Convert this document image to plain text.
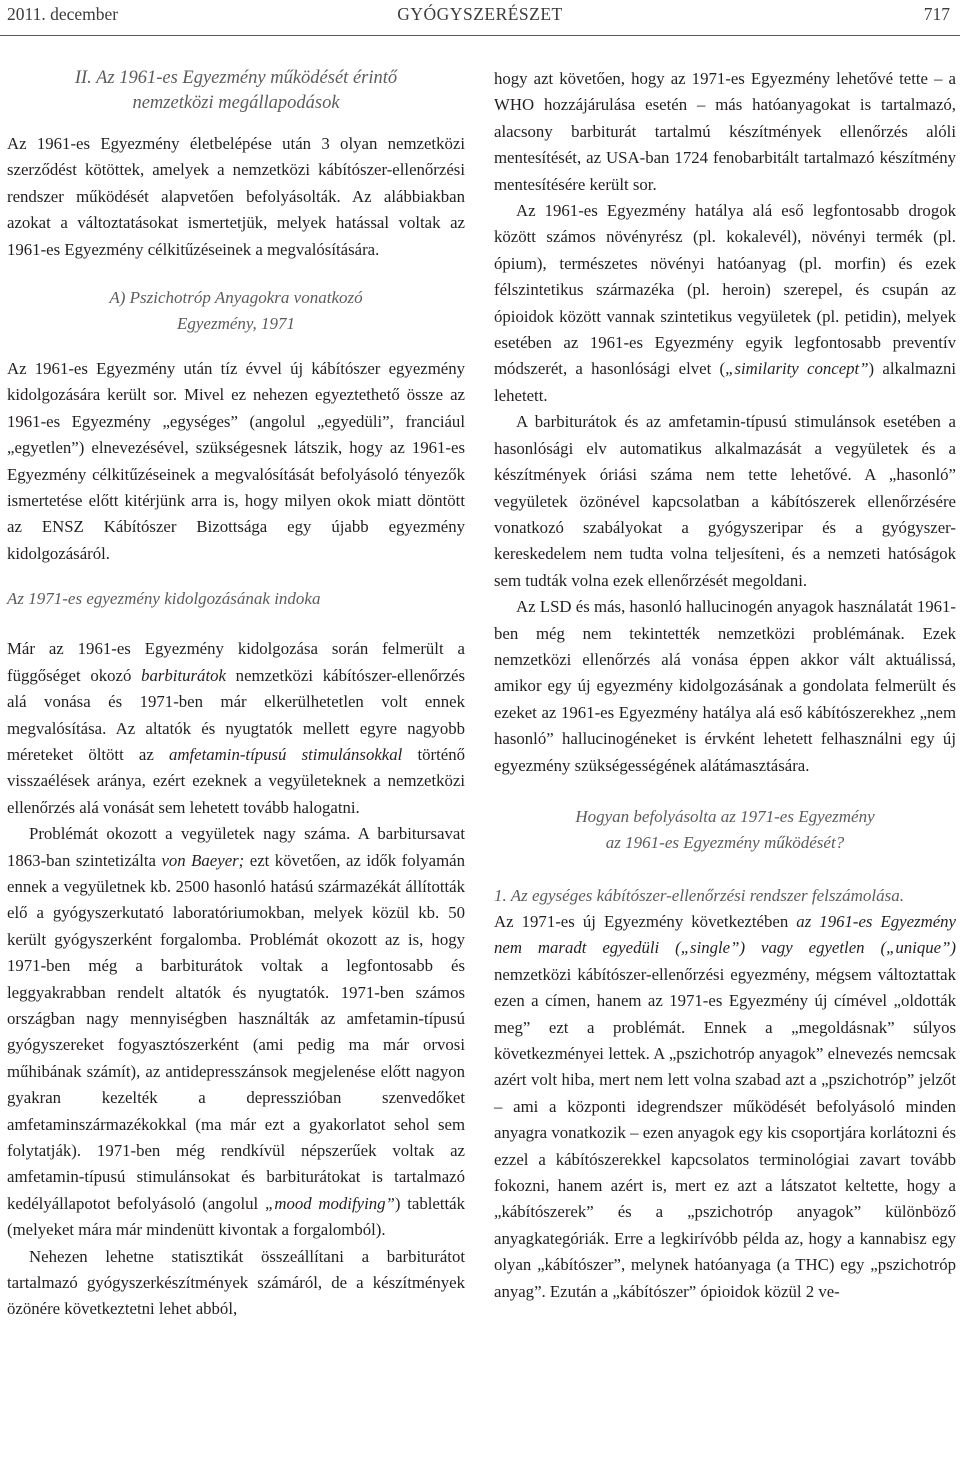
2011. december	GYÓGYSZERÉSZET	717
II. Az 1961-es Egyezmény működését érintő
nemzetközi megállapodások

Az 1961-es Egyezmény életbelépése után 3 olyan nemzetközi szerződést kötöttek, amelyek a nemzetközi kábítószer-ellenőrzési rendszer működését alapvetően befolyásolták. Az alábbiakban azokat a változtatásokat ismertetjük, melyek hatással voltak az 1961-es Egyezmény célkitűzéseinek a megvalósítására.

A) Pszichotróp Anyagokra vonatkozó
Egyezmény, 1971

Az 1961-es Egyezmény után tíz évvel új kábítószer egyezmény kidolgozására került sor. Mivel ez nehezen egyeztethető össze az 1961-es Egyezmény „egységes” (angolul „egyedüli”, franciául „egyetlen”) elnevezésével, szükségesnek látszik, hogy az 1961-es Egyezmény célkitűzéseinek a megvalósítását befolyásoló tényezők ismertetése előtt kitérjünk arra is, hogy milyen okok miatt döntött az ENSZ Kábítószer Bizottsága egy újabb egyezmény kidolgozásáról.

Az 1971-es egyezmény kidolgozásának indoka

Már az 1961-es Egyezmény kidolgozása során felmerült a függőséget okozó barbiturátok nemzetközi kábítószer-ellenőrzés alá vonása és 1971-ben már elkerülhetetlen volt ennek megvalósítása. Az altatók és nyugtatók mellett egyre nagyobb méreteket öltött az amfetamin-típusú stimulánsokkal történő visszaélések aránya, ezért ezeknek a vegyületeknek a nemzetközi ellenőrzés alá vonását sem lehetett tovább halogatni.

Problémát okozott a vegyületek nagy száma. A barbitursavat 1863-ban szintetizálta von Baeyer; ezt követően, az idők folyamán ennek a vegyületnek kb. 2500 hasonló hatású származékát állították elő a gyógyszerkutató laboratóriumokban, melyek közül kb. 50 került gyógyszerként forgalomba. Problémát okozott az is, hogy 1971-ben még a barbiturátok voltak a legfontosabb és leggyakrabban rendelt altatók és nyugtatók. 1971-ben számos országban nagy mennyiségben használták az amfetamin-típusú gyógyszereket fogyasztószerként (ami pedig ma már orvosi műhibának számít), az antidepresszánsok megjelenése előtt nagyon gyakran kezelték a depresszióban szenvedőket amfetaminszármazékokkal (ma már ezt a gyakorlatot sehol sem folytatják). 1971-ben még rendkívül népszerűek voltak az amfetamin-típusú stimulánsokat és barbiturátokat is tartalmazó kedélyállapotot befolyásoló (angolul „mood modifying”) tabletták (melyeket mára már mindenütt kivontak a forgalomból).

Nehezen lehetne statisztikát összeállítani a barbiturátot tartalmazó gyógyszerkészítmények számáról, de a készítmények özönére következtetni lehet abból,

hogy azt követően, hogy az 1971-es Egyezmény lehetővé tette – a WHO hozzájárulása esetén – más hatóanyagokat is tartalmazó, alacsony barbiturát tartalmú készítmények ellenőrzés alóli mentesítését, az USA-ban 1724 fenobarbitált tartalmazó készítmény mentesítésére került sor.

Az 1961-es Egyezmény hatálya alá eső legfontosabb drogok között számos növényrész (pl. kokalevél), növényi termék (pl. ópium), természetes növényi hatóanyag (pl. morfin) és ezek félszintetikus származéka (pl. heroin) szerepel, és csupán az ópioidok között vannak szintetikus vegyületek (pl. petidin), melyek esetében az 1961-es Egyezmény egyik legfontosabb preventív módszerét, a hasonlósági elvet („similarity concept”) alkalmazni lehetett.

A barbiturátok és az amfetamin-típusú stimulánsok esetében a hasonlósági elv automatikus alkalmazását a vegyületek és a készítmények óriási száma nem tette lehetővé. A „hasonló” vegyületek özönével kapcsolatban a kábítószerek ellenőrzésére vonatkozó szabályokat a gyógyszeripar és a gyógyszer-kereskedelem nem tudta volna teljesíteni, és a nemzeti hatóságok sem tudták volna ezek ellenőrzését megoldani.

Az LSD és más, hasonló hallucinogén anyagok használatát 1961-ben még nem tekintették nemzetközi problémának. Ezek nemzetközi ellenőrzés alá vonása éppen akkor vált aktuálissá, amikor egy új egyezmény kidolgozásának a gondolata felmerült és ezeket az 1961-es Egyezmény hatálya alá eső kábítószerekhez „nem hasonló” hallucinogéneket is érvként lehetett felhasználni egy új egyezmény szükségességének alátámasztására.

Hogyan befolyásolta az 1971-es Egyezmény
az 1961-es Egyezmény működését?
1. Az egységes kábítószer-ellenőrzési rendszer felszámolása.

Az 1971-es új Egyezmény következtében az 1961-es Egyezmény nem maradt egyedüli („single”) vagy egyetlen („unique”) nemzetközi kábítószer-ellenőrzési egyezmény, mégsem változtattak ezen a címen, hanem az 1971-es Egyezmény új címével „oldották meg” ezt a problémát. Ennek a „megoldásnak” súlyos következményei lettek. A „pszichotróp anyagok” elnevezés nemcsak azért volt hiba, mert nem lett volna szabad azt a „pszichotróp” jelzőt – ami a központi idegrendszer működését befolyásoló minden anyagra vonatkozik – ezen anyagok egy kis csoportjára korlátozni és ezzel a kábítószerekkel kapcsolatos terminológiai zavart tovább fokozni, hanem azért is, mert ez azt a látszatot keltette, hogy a „kábítószerek” és a „pszichotróp anyagok” különböző anyagkategóriák. Erre a legkirívóbb példa az, hogy a kannabisz egy olyan „kábítószer”, melynek hatóanyaga (a THC) egy „pszichotróp anyag”. Ezután a „kábítószer” ópioidok közül 2 ve-
